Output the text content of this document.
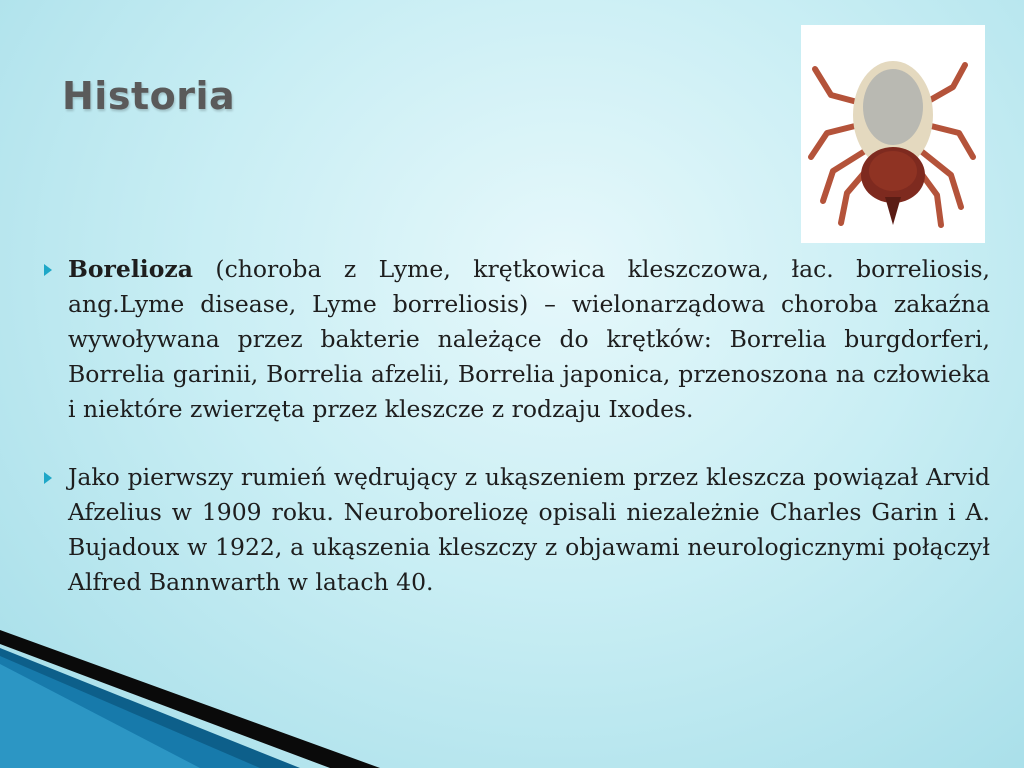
Historia
Borelioza (choroba z Lyme, krętkowica kleszczowa, łac. borreliosis, ang.Lyme disease, Lyme borreliosis) – wielonarządowa choroba zakaźna wywoływana przez bakterie należące do krętków: Borrelia burgdorferi, Borrelia garinii, Borrelia afzelii, Borrelia japonica, przenoszona na człowieka i niektóre zwierzęta przez kleszcze z rodzaju Ixodes.
Jako pierwszy rumień wędrujący z ukąszeniem przez kleszcza powiązał Arvid Afzelius w 1909 roku. Neuroboreliozę opisali niezależnie Charles Garin i A. Bujadoux w 1922, a ukąszenia kleszczy z objawami neurologicznymi połączył Alfred Bannwarth w latach 40.
